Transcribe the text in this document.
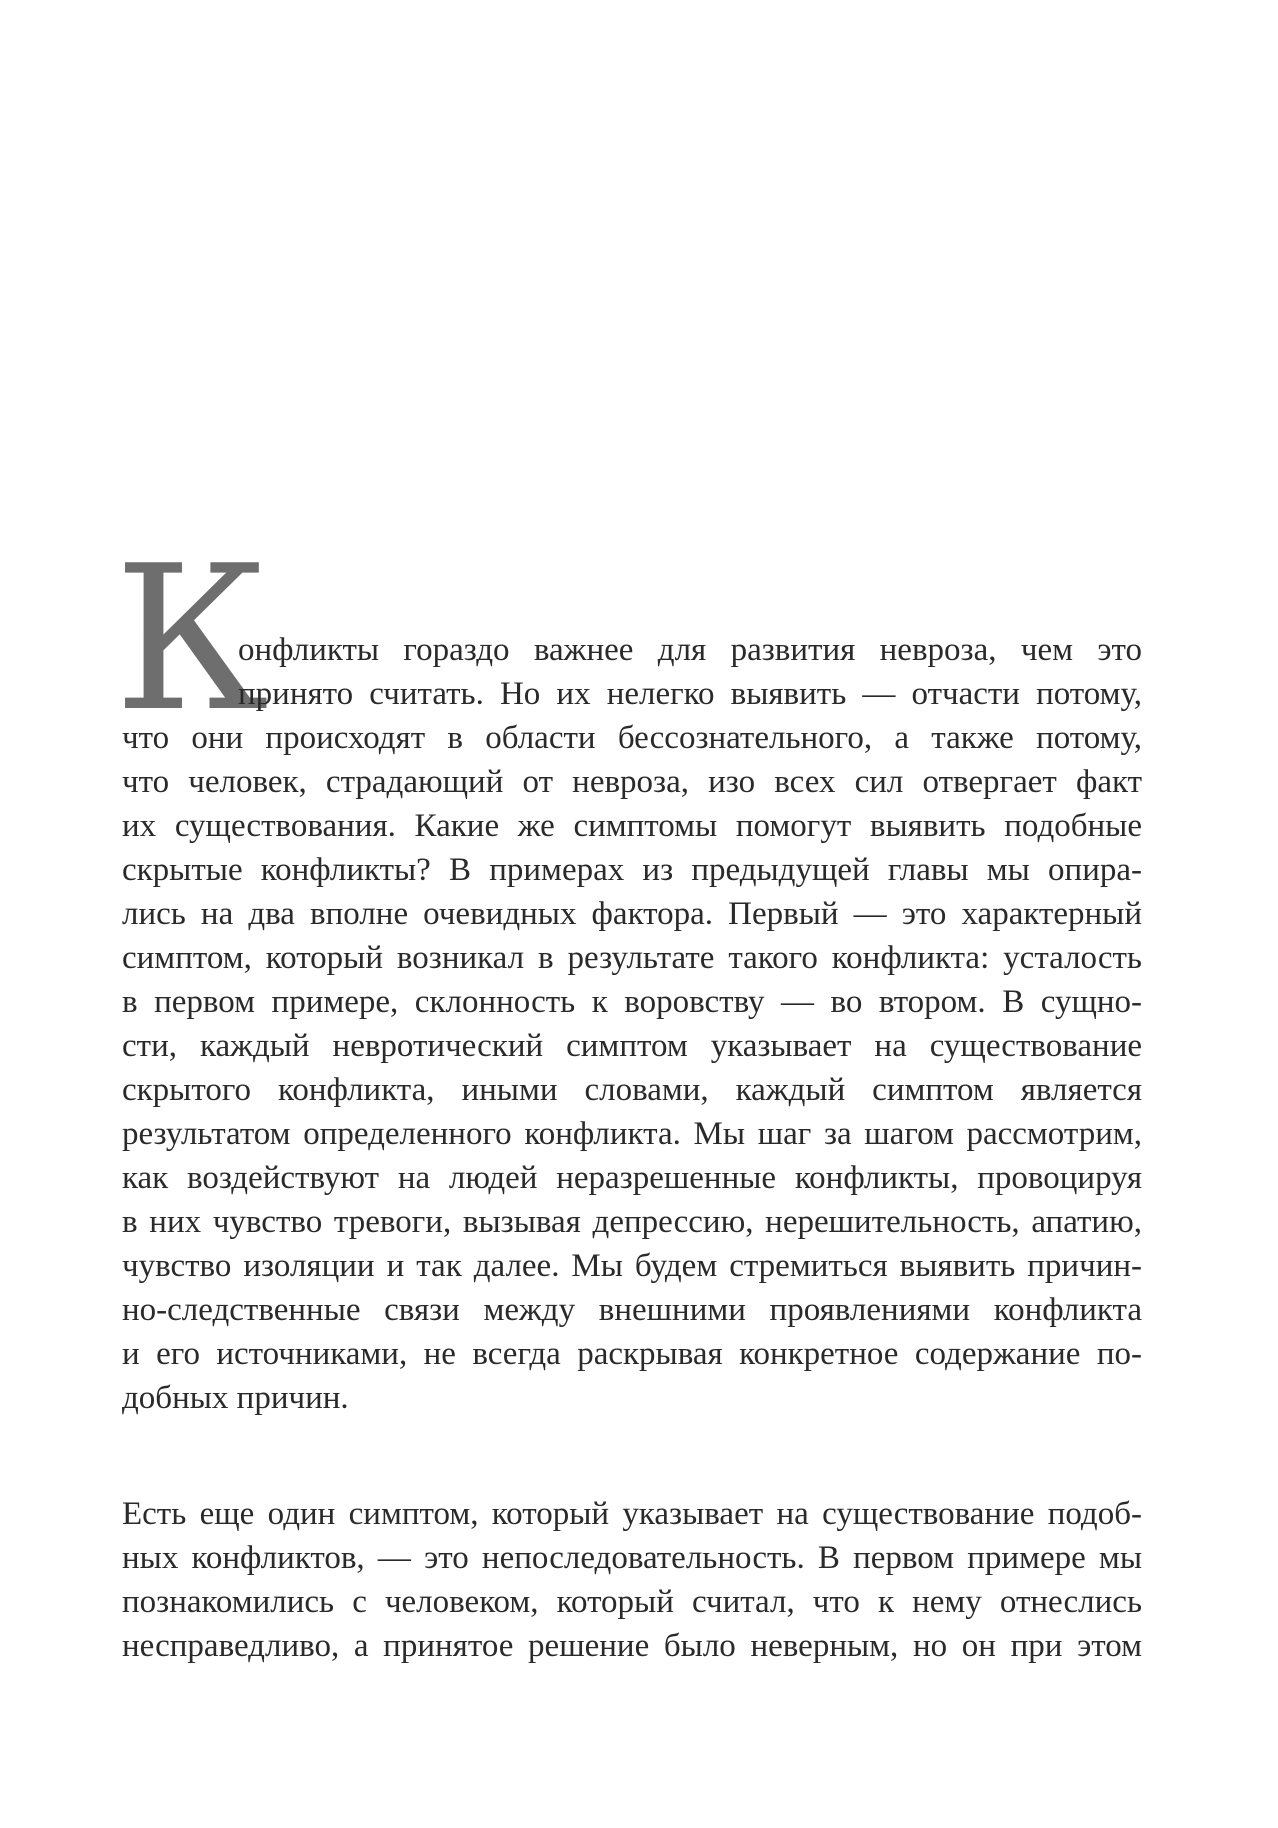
К
онфликты гораздо важнее для развития невроза, чем это
принято считать. Но их нелегко выявить — отчасти потому,
что они происходят в области бессознательного, а также потому,
что человек, страдающий от невроза, изо всех сил отвергает факт
их существования. Какие же симптомы помогут выявить подобные
скрытые конфликты? В примерах из предыдущей главы мы опира-
лись на два вполне очевидных фактора. Первый — это характерный
симптом, который возникал в результате такого конфликта: усталость
в первом примере, склонность к воровству — во втором. В сущно-
сти, каждый невротический симптом указывает на существование
скрытого конфликта, иными словами, каждый симптом является
результатом определенного конфликта. Мы шаг за шагом рассмотрим,
как воздействуют на людей неразрешенные конфликты, провоцируя
в них чувство тревоги, вызывая депрессию, нерешительность, апатию,
чувство изоляции и так далее. Мы будем стремиться выявить причин-
но-следственные связи между внешними проявлениями конфликта
и его источниками, не всегда раскрывая конкретное содержание по-
добных причин.
Есть еще один симптом, который указывает на существование подоб-
ных конфликтов, — это непоследовательность. В первом примере мы
познакомились с человеком, который считал, что к нему отнеслись
несправедливо, а принятое решение было неверным, но он при этом
